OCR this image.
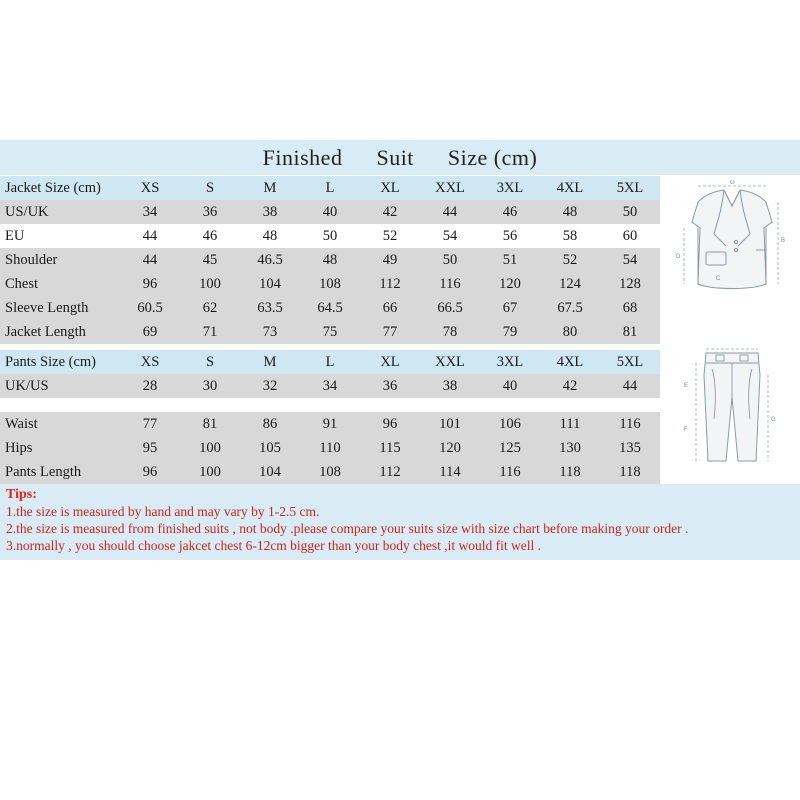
Finished Suit Size (cm)
Jacket Size (cm)	XS	S	M	L	XL	XXL	3XL	4XL	5XL
US/UK	34	36	38	40	42	44	46	48	50
EU	44	46	48	50	52	54	56	58	60
Shoulder	44	45	46.5	48	49	50	51	52	54
Chest	96	100	104	108	112	116	120	124	128
Sleeve Length	60.5	62	63.5	64.5	66	66.5	67	67.5	68
Jacket Length	69	71	73	75	77	78	79	80	81
Pants Size (cm)	XS	S	M	L	XL	XXL	3XL	4XL	5XL
UK/US	28	30	32	34	36	38	40	42	44

Waist	77	81	86	91	96	101	106	111	116
Hips	95	100	105	110	115	120	125	130	135
Pants Length	96	100	104	108	112	114	116	118	118
G
B
D
C
E
F
G
Tips:
1.the size is measured by hand and may vary by 1-2.5 cm.
2.the size is measured from finished suits , not body .please compare your suits size with size chart before making your order .
3.normally , you should choose jakcet chest 6-12cm bigger than your body chest ,it would fit well .
